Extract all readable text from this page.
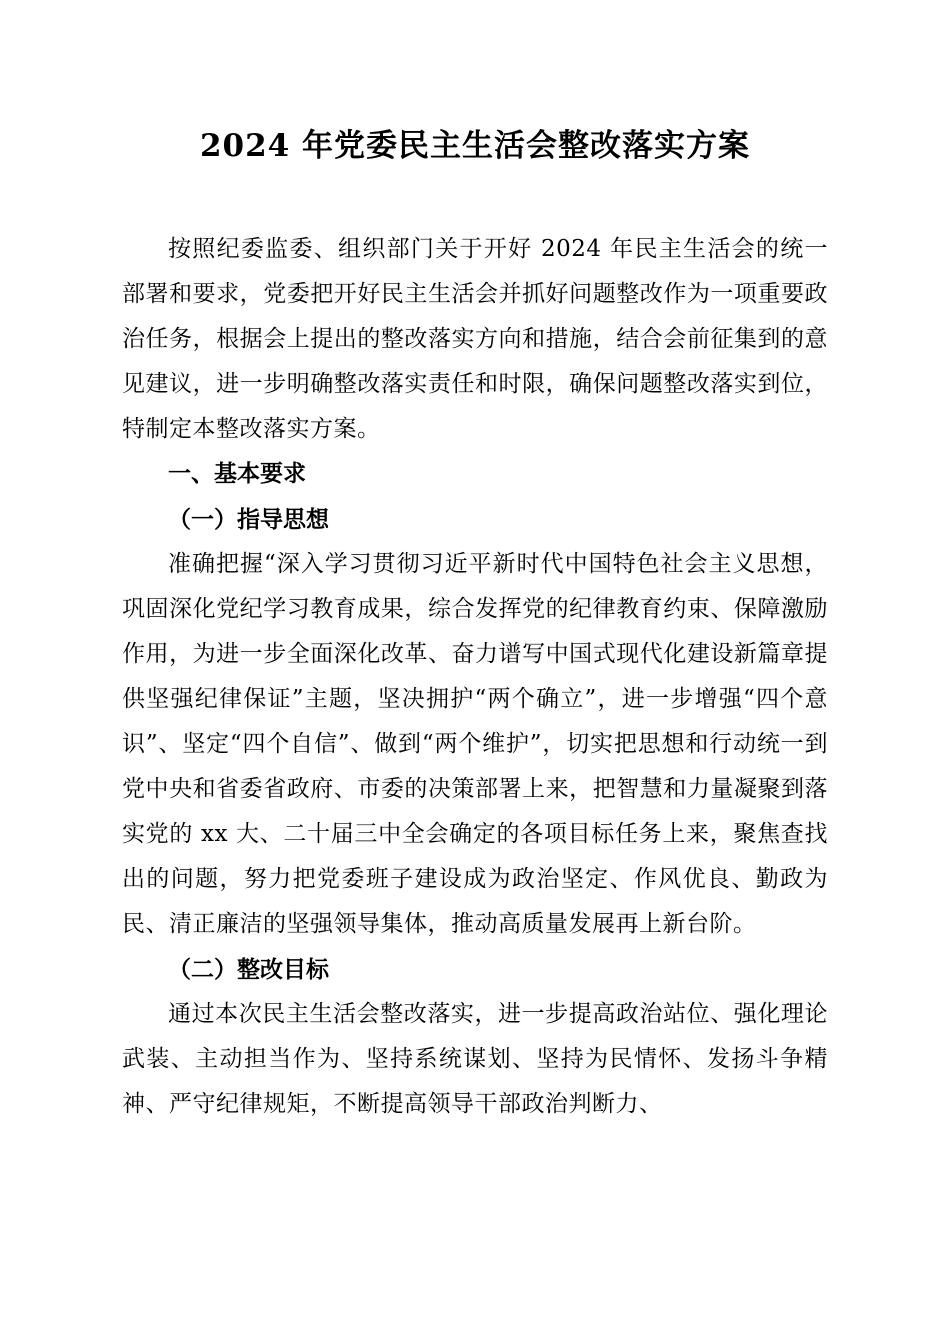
2024 年党委民主生活会整改落实方案

按照纪委监委、组织部门关于开好 2024 年民主生活会的统一部署和要求，党委把开好民主生活会并抓好问题整改作为一项重要政治任务，根据会上提出的整改落实方向和措施，结合会前征集到的意见建议，进一步明确整改落实责任和时限，确保问题整改落实到位，特制定本整改落实方案。

一、基本要求
（一）指导思想

准确把握“深入学习贯彻习近平新时代中国特色社会主义思想，巩固深化党纪学习教育成果，综合发挥党的纪律教育约束、保障激励作用，为进一步全面深化改革、奋力谱写中国式现代化建设新篇章提供坚强纪律保证”主题，坚决拥护“两个确立”，进一步增强“四个意识”、坚定“四个自信”、做到“两个维护”，切实把思想和行动统一到党中央和省委省政府、市委的决策部署上来，把智慧和力量凝聚到落实党的 xx 大、二十届三中全会确定的各项目标任务上来，聚焦查找出的问题，努力把党委班子建设成为政治坚定、作风优良、勤政为民、清正廉洁的坚强领导集体，推动高质量发展再上新台阶。

（二）整改目标

通过本次民主生活会整改落实，进一步提高政治站位、强化理论武装、主动担当作为、坚持系统谋划、坚持为民情怀、发扬斗争精神、严守纪律规矩，不断提高领导干部政治判断力、
